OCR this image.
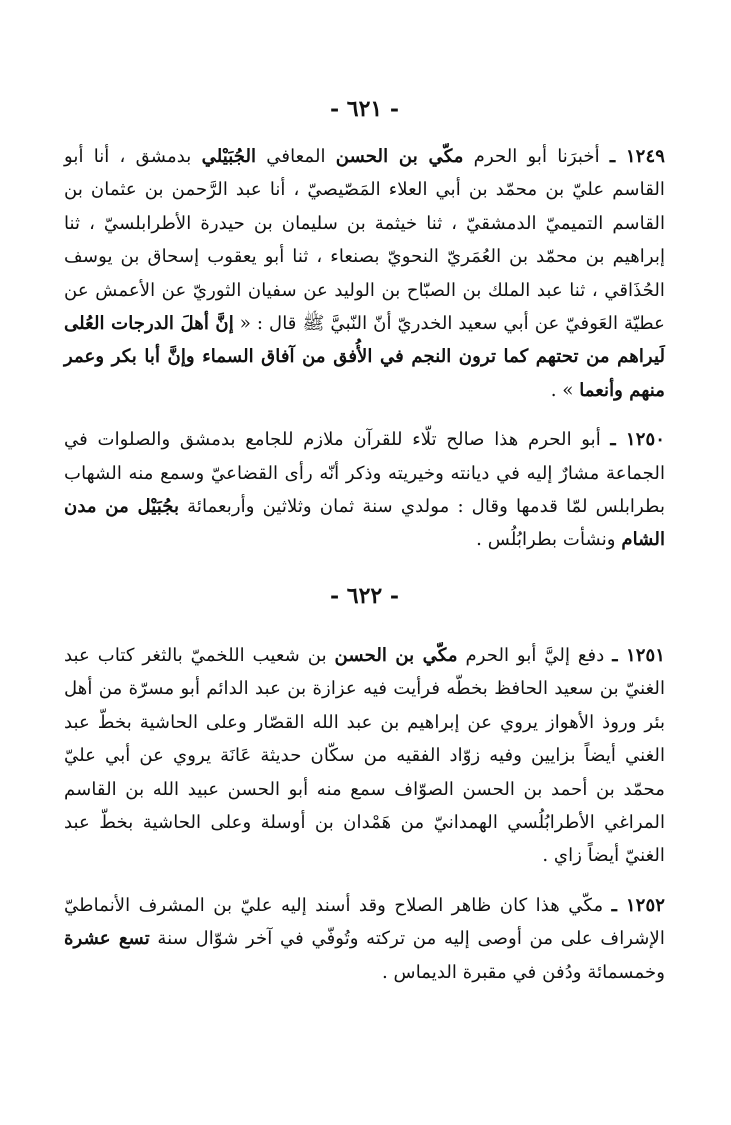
- ٦٢١ -

١٢٤٩ ـ أخبرَنا أبو الحرم مكّي بن الحسن المعافي الجُبَيْلي بدمشق ، أنا أبو القاسم عليّ بن محمّد بن أبي العلاء المَصّيصيّ ، أنا عبد الرَّحمن بن عثمان بن القاسم التميميّ الدمشقيّ ، ثنا خيثمة بن سليمان بن حيدرة الأطرابلسيّ ، ثنا إبراهيم بن محمّد بن العُمَريّ النحويّ بصنعاء ، ثنا أبو يعقوب إسحاق بن يوسف الحُذَاقي ، ثنا عبد الملك بن الصبّاح بن الوليد عن سفيان الثوريّ عن الأعمش عن عطيّة العَوفيّ عن أبي سعيد الخدريّ أنّ النّبيَّ ﷺ قال : « إنَّ أهلَ الدرجات العُلى لَيراهم من تحتهم كما ترون النجم في الأُفق من آفاق السماء وإنَّ أبا بكر وعمر منهم وأنعما » .

١٢٥٠ ـ أبو الحرم هذا صالح تلّاء للقرآن ملازم للجامع بدمشق والصلوات في الجماعة مشارٌ إليه في ديانته وخيريته وذكر أنّه رأى القضاعيّ وسمع منه الشهاب بطرابلس لمّا قدمها وقال : مولدي سنة ثمان وثلاثين وأربعمائة بجُبَيْل من مدن الشام ونشأت بطرابُلُس .

- ٦٢٢ -

١٢٥١ ـ دفع إليَّ أبو الحرم مكّي بن الحسن بن شعيب اللخميّ بالثغر كتاب عبد الغنيّ بن سعيد الحافظ بخطّه فرأيت فيه عزازة بن عبد الدائم أبو مسرّة من أهل بئر وروذ الأهواز يروي عن إبراهيم بن عبد الله القصّار وعلى الحاشية بخطّ عبد الغني أيضاً بزايين وفيه زوّاد الفقيه من سكّان حديثة عَانَة يروي عن أبي عليّ محمّد بن أحمد بن الحسن الصوّاف سمع منه أبو الحسن عبيد الله بن القاسم المراغي الأطرابُلُسي الهمدانيّ من هَمْدان بن أوسلة وعلى الحاشية بخطّ عبد الغنيّ أيضاً زاي .

١٢٥٢ ـ مكّي هذا كان ظاهر الصلاح وقد أسند إليه عليّ بن المشرف الأنماطيّ الإشراف على من أوصى إليه من تركته وتُوفّي في آخر شوّال سنة تسع عشرة وخمسمائة ودُفن في مقبرة الديماس .
